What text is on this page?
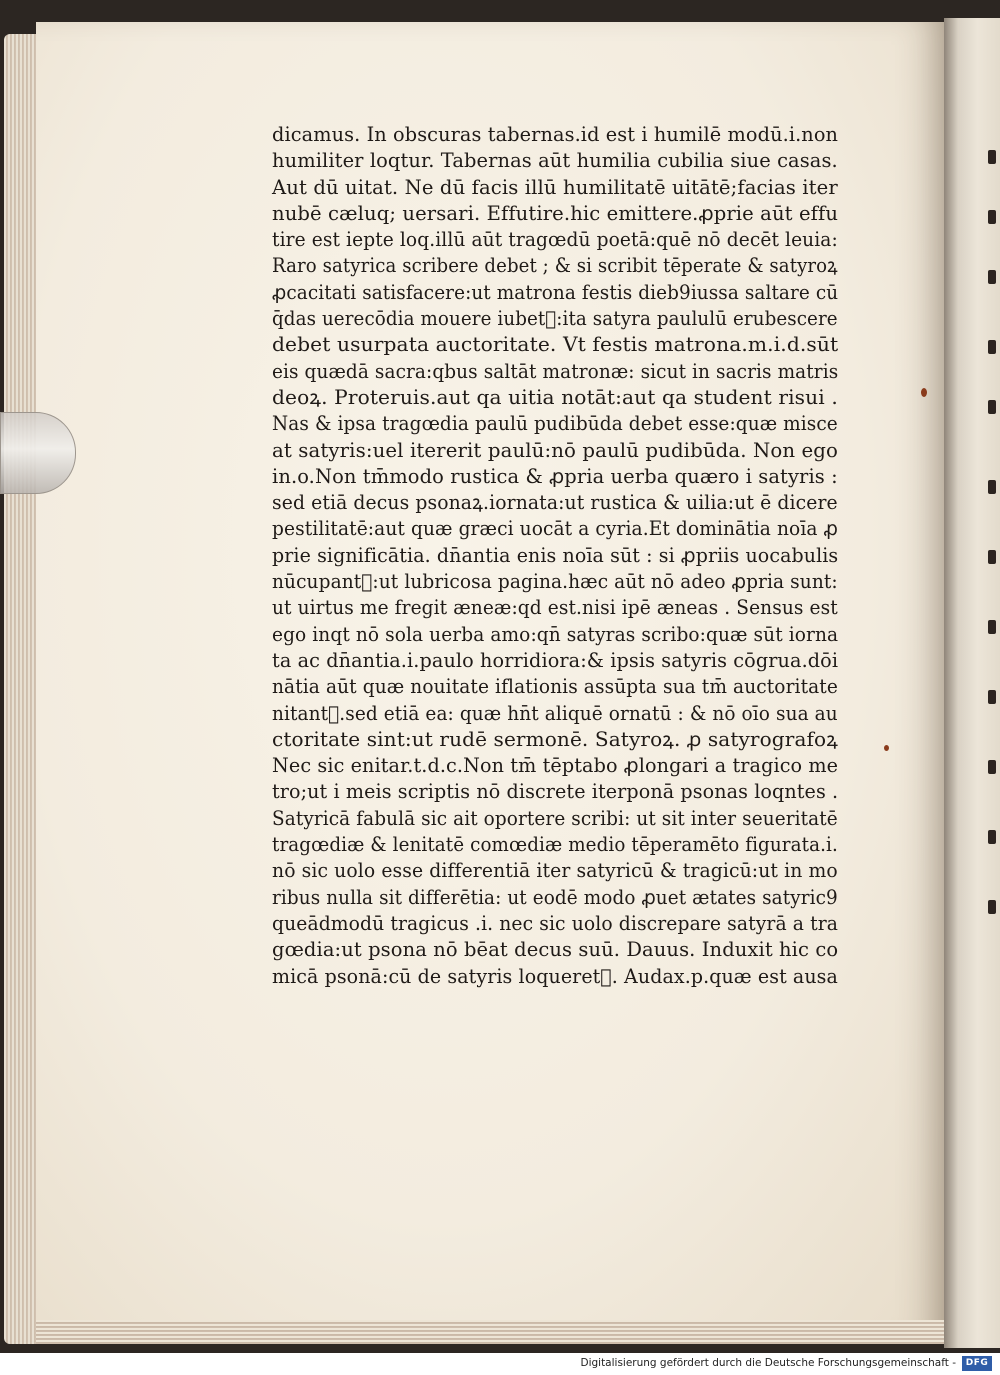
dicamus. In obscuras tabernas.id est i humilē modū.i.non
humiliter loqtur. Tabernas aūt humilia cubilia siue casas.
Aut dū uitat. Ne dū facis illū humilitatē uitātē;facias iter
nubē cæluq; uersari. Effutire.hic emittere.ꝓprie aūt effu
tire est iepte loq.illū aūt tragœdū poetā:quē nō decēt leuia:
Raro satyrica scribere debet ; & si scribit tēperate & satyroꝝ
ꝓcacitati satisfacere:ut matrona festis dieb9iussa saltare cū
q̄das uerecōdia mouere iubetᷣ:ita satyra paululū erubescere
debet usurpata auctoritate. Vt festis matrona.m.i.d.sūt
eis quædā sacra:qbus saltāt matronæ: sicut in sacris matris
deoꝝ. Proteruis.aut qa uitia notāt:aut qa student risui .
Nas & ipsa tragœdia paulū pudibūda debet esse:quæ misce
at satyris:uel itererit paulū:nō paulū pudibūda. Non ego
in.o.Non tm̄modo rustica & ꝓpria uerba quæro i satyris :
sed etiā decus psonaꝝ.iornata:ut rustica & uilia:ut ē dicere
pestilitatē:aut quæ græci uocāt a cyria.Et dominātia noīa ꝓ
prie significātia. dn̄antia enis noīa sūt : si ꝓpriis uocabulis
nūcupantᷣ:ut lubricosa pagina.hæc aūt nō adeo ꝓpria sunt:
ut uirtus me fregit æneæ:qd est.nisi ipē æneas . Sensus est
ego inqt nō sola uerba amo:qn̄ satyras scribo:quæ sūt iorna
ta ac dn̄antia.i.paulo horridiora:& ipsis satyris cōgrua.dōi
nātia aūt quæ nouitate iflationis assūpta sua tm̄ auctoritate
nitantᷣ.sed etiā ea: quæ hn̄t aliquē ornatū : & nō oīo sua au
ctoritate sint:ut rudē sermonē. Satyroꝝ. ꝓ satyrografoꝝ
Nec sic enitar.t.d.c.Non tm̄ tēptabo ꝓlongari a tragico me
tro;ut i meis scriptis nō discrete iterponā psonas loqntes .
Satyricā fabulā sic ait oportere scribi: ut sit inter seueritatē
tragœdiæ & lenitatē comœdiæ medio tēperamēto figurata.i.
nō sic uolo esse differentiā iter satyricū & tragicū:ut in mo
ribus nulla sit differētia: ut eodē modo ꝓuet ætates satyric9
queādmodū tragicus .i. nec sic uolo discrepare satyrā a tra
gœdia:ut psona nō bēat decus suū. Dauus. Induxit hic co
micā psonā:cū de satyris loqueretᷣ. Audax.p.quæ est ausa
Digitalisierung gefördert durch die Deutsche Forschungsgemeinschaft -	DFG
